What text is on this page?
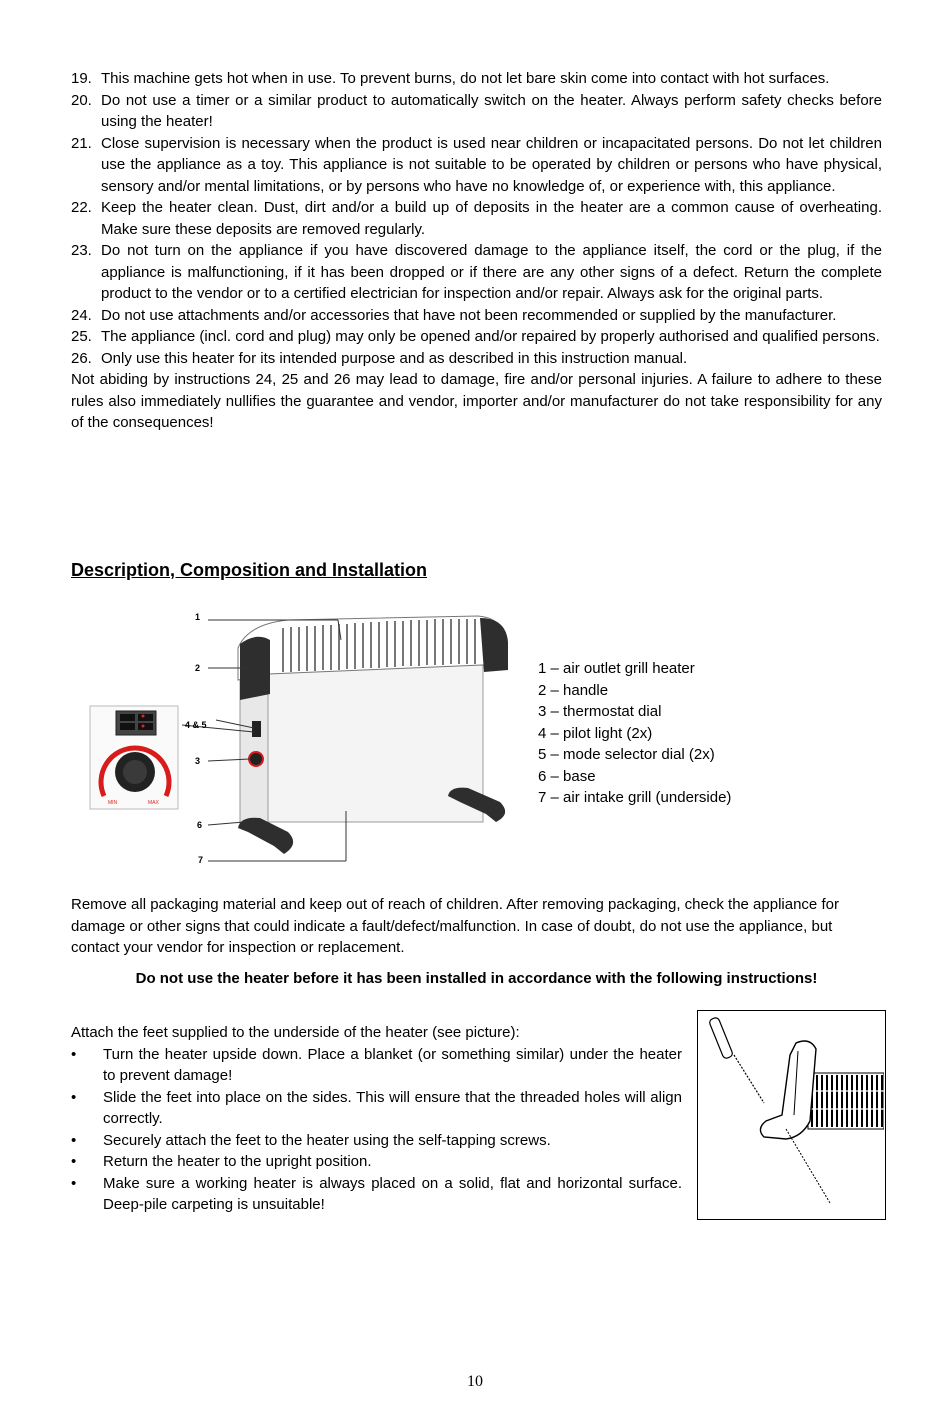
19. This machine gets hot when in use. To prevent burns, do not let bare skin come into contact with hot surfaces.
20. Do not use a timer or a similar product to automatically switch on the heater. Always perform safety checks before using the heater!
21. Close supervision is necessary when the product is used near children or incapacitated persons. Do not let children use the appliance as a toy. This appliance is not suitable to be operated by children or persons who have physical, sensory and/or mental limitations, or by persons who have no knowledge of, or experience with, this appliance.
22. Keep the heater clean. Dust, dirt and/or a build up of deposits in the heater are a common cause of overheating. Make sure these deposits are removed regularly.
23. Do not turn on the appliance if you have discovered damage to the appliance itself, the cord or the plug, if the appliance is malfunctioning, if it has been dropped or if there are any other signs of a defect. Return the complete product to the vendor or to a certified electrician for inspection and/or repair. Always ask for the original parts.
24. Do not use attachments and/or accessories that have not been recommended or supplied by the manufacturer.
25. The appliance (incl. cord and plug) may only be opened and/or repaired by properly authorised and qualified persons.
26. Only use this heater for its intended purpose and as described in this instruction manual.
Not abiding by instructions 24, 25 and 26 may lead to damage, fire and/or personal injuries. A failure to adhere to these rules also immediately nullifies the guarantee and vendor, importer and/or manufacturer do not take responsibility for any of the consequences!
Description, Composition and Installation
MIN	MAX
1
2
4 & 5
3
6
7
1 – air outlet grill heater
2 – handle
3 – thermostat dial
4 – pilot light (2x)
5 – mode selector dial (2x)
6 – base
7 – air intake grill (underside)
Remove all packaging material and keep out of reach of children. After removing packaging, check the appliance for damage or other signs that could indicate a fault/defect/malfunction. In case of doubt, do not use the appliance, but contact your vendor for inspection or replacement.
Do not use the heater before it has been installed in accordance with the following instructions!
Attach the feet supplied to the underside of the heater (see picture):
• Turn the heater upside down. Place a blanket (or something similar) under the heater to prevent damage!
• Slide the feet into place on the sides. This will ensure that the threaded holes will align correctly.
• Securely attach the feet to the heater using the self-tapping screws.
• Return the heater to the upright position.
• Make sure a working heater is always placed on a solid, flat and horizontal surface. Deep-pile carpeting is unsuitable!
10
